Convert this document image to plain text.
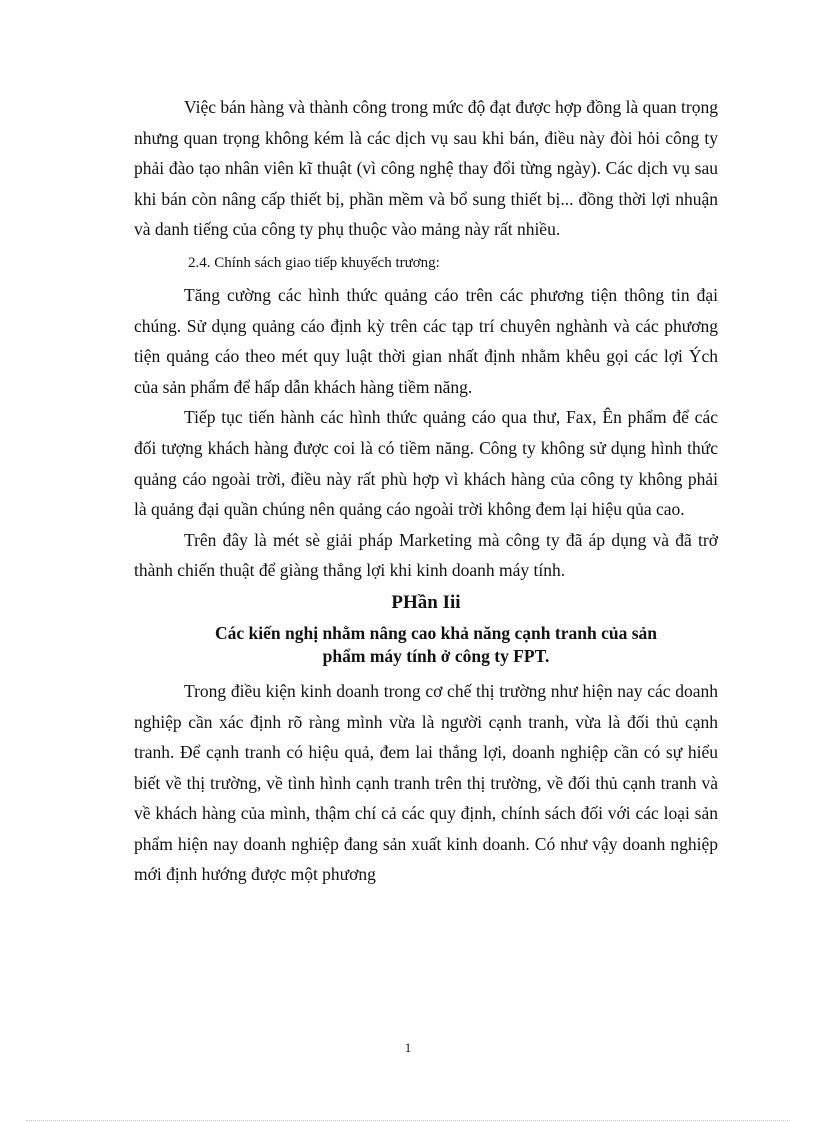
Việc bán hàng và thành công trong mức độ đạt được hợp đồng là quan trọng nhưng quan trọng không kém là các dịch vụ sau khi bán, điều này đòi hỏi công ty phải đào tạo nhân viên kĩ thuật (vì công nghệ thay đổi từng ngày). Các dịch vụ sau khi bán còn nâng cấp thiết bị, phần mềm và bổ sung thiết bị... đồng thời lợi nhuận và danh tiếng của công ty phụ thuộc vào mảng này rất nhiều.

2.4. Chính sách giao tiếp khuyếch trương:

Tăng cường các hình thức quảng cáo trên các phương tiện thông tin đại chúng. Sử dụng quảng cáo định kỳ trên các tạp trí chuyên nghành và các phương tiện quảng cáo theo mét quy luật thời gian nhất định nhằm khêu gọi các lợi Ých của sản phẩm để hấp dẫn khách hàng tiềm năng.

Tiếp tục tiến hành các hình thức quảng cáo qua thư, Fax, Ên phẩm để các đối tượng khách hàng được coi là có tiềm năng. Công ty không sử dụng hình thức quảng cáo ngoài trời, điều này rất phù hợp vì khách hàng của công ty không phải là quảng đại quần chúng nên quảng cáo ngoài trời không đem lại hiệu qủa cao.

Trên đây là mét sè giải pháp Marketing mà công ty đã áp dụng và đã trở thành chiến thuật để giàng thắng lợi khi kinh doanh máy tính.

PHần Iii

Các kiến nghị nhằm nâng cao khả năng cạnh tranh của sản
phẩm máy tính ở công ty FPT.

Trong điều kiện kinh doanh trong cơ chế thị trường như hiện nay các doanh nghiệp cần xác định rõ ràng mình vừa là người cạnh tranh, vừa là đối thủ cạnh tranh. Để cạnh tranh có hiệu quả, đem lai thắng lợi, doanh nghiệp cần có sự hiểu biết về thị trường, về tình hình cạnh tranh trên thị trường, về đối thủ cạnh tranh và về khách hàng của mình, thậm chí cả các quy định, chính sách đối với các loại sản phẩm hiện nay doanh nghiệp đang sản xuất kinh doanh. Có như vậy doanh nghiệp mới định hướng được một phương

1
